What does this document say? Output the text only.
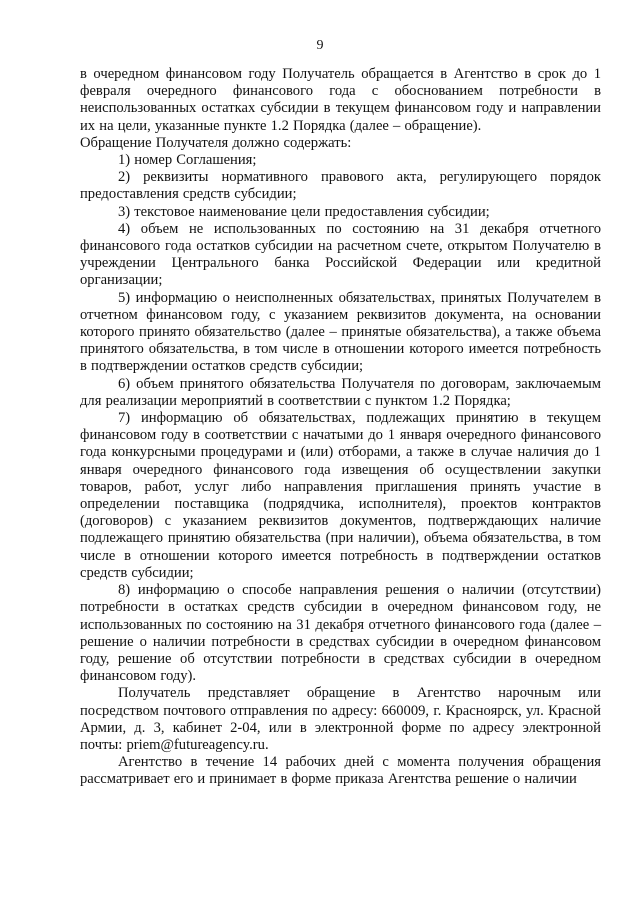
9

в очередном финансовом году Получатель обращается в Агентство в срок до 1 февраля очередного финансового года с обоснованием потребности в неиспользованных остатках субсидии в текущем финансовом году и направлении их на цели, указанные пункте 1.2 Порядка (далее – обращение).

Обращение Получателя должно содержать:

1) номер Соглашения;

2) реквизиты нормативного правового акта, регулирующего порядок предоставления средств субсидии;

3) текстовое наименование цели предоставления субсидии;

4) объем не использованных по состоянию на 31 декабря отчетного финансового года остатков субсидии на расчетном счете, открытом Получателю в учреждении Центрального банка Российской Федерации или кредитной организации;

5) информацию о неисполненных обязательствах, принятых Получателем в отчетном финансовом году, с указанием реквизитов документа, на основании которого принято обязательство (далее – принятые обязательства), а также объема принятого обязательства, в том числе в отношении которого имеется потребность в подтверждении остатков средств субсидии;

6) объем принятого обязательства Получателя по договорам, заключаемым для реализации мероприятий в соответствии с пунктом 1.2 Порядка;

7) информацию об обязательствах, подлежащих принятию в текущем финансовом году в соответствии с начатыми до 1 января очередного финансового года конкурсными процедурами и (или) отборами, а также в случае наличия до 1 января очередного финансового года извещения об осуществлении закупки товаров, работ, услуг либо направления приглашения принять участие в определении поставщика (подрядчика, исполнителя), проектов контрактов (договоров) с указанием реквизитов документов, подтверждающих наличие подлежащего принятию обязательства (при наличии), объема обязательства, в том числе в отношении которого имеется потребность в подтверждении остатков средств субсидии;

8) информацию о способе направления решения о наличии (отсутствии) потребности в остатках средств субсидии в очередном финансовом году, не использованных по состоянию на 31 декабря отчетного финансового года (далее – решение о наличии потребности в средствах субсидии в очередном финансовом году, решение об отсутствии потребности в средствах субсидии в очередном финансовом году).

Получатель представляет обращение в Агентство нарочным или посредством почтового отправления по адресу: 660009, г. Красноярск, ул. Красной Армии, д. 3, кабинет 2-04, или в электронной форме по адресу электронной почты: priem@futureagency.ru.

Агентство в течение 14 рабочих дней с момента получения обращения рассматривает его и принимает в форме приказа Агентства решение о наличии
